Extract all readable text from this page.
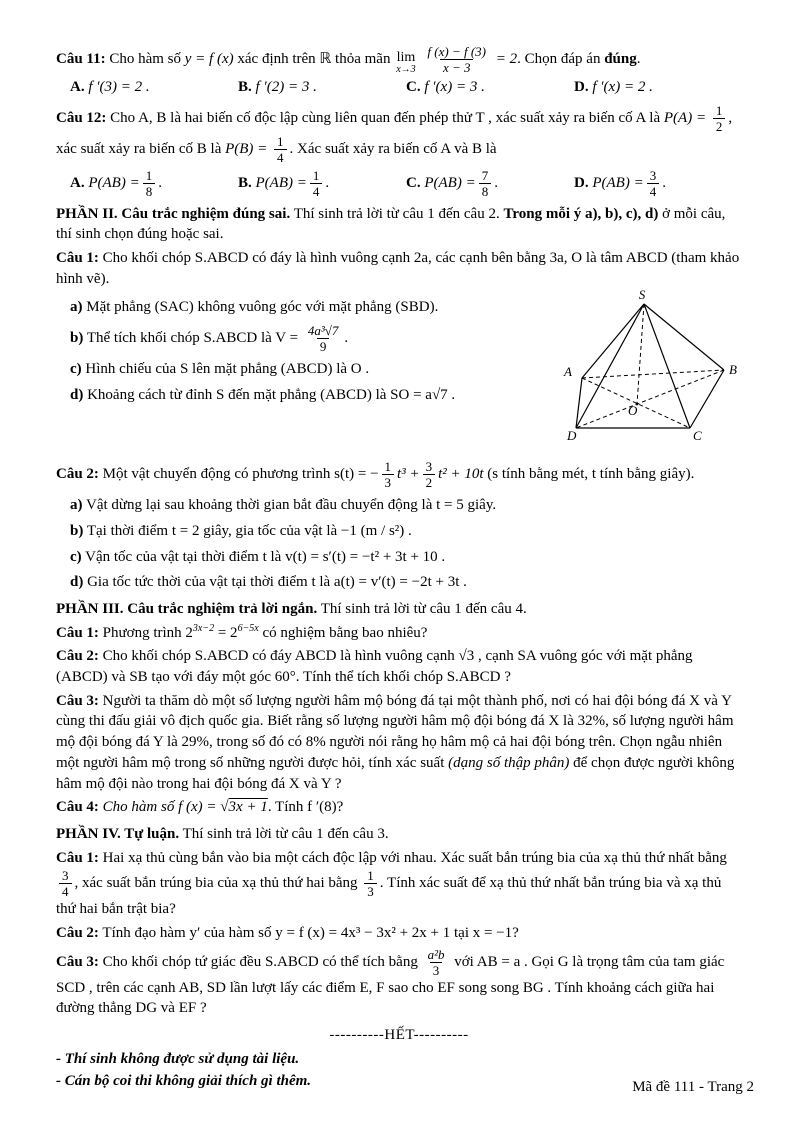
Câu 11: Cho hàm số y = f (x) xác định trên ℝ thỏa mãn lim
x→3
$\frac{f (x) - f (3)}{x - 3} = 2$. Chọn đáp án đúng.
A. f ′(3) = 2 .	B. f ′(2) = 3 .	C. f ′(x) = 3 .	D. f ′(x) = 2 .
Câu 12: Cho A, B là hai biến cố độc lập cùng liên quan đến phép thử T , xác suất xảy ra biến cố A là $P(A) = \frac{1}{2}$ , xác suất xảy ra biến cố B là $P(B) = \frac{1}{4}$ . Xác suất xảy ra biến cố A và B là
A. $P(AB) = \frac{1}{8}$ .	B. $P(AB) = \frac{1}{4}$ .	C. $P(AB) = \frac{7}{8}$ .	D. $P(AB) = \frac{3}{4}$ .
PHẦN II. Câu trắc nghiệm đúng sai. Thí sinh trả lời từ câu 1 đến câu 2. Trong mỗi ý a), b), c), d) ở mỗi câu, thí sinh chọn đúng hoặc sai.
Câu 1: Cho khối chóp S.ABCD có đáy là hình vuông cạnh 2a, các cạnh bên bằng 3a, O là tâm ABCD (tham khảo hình vẽ).
a) Mặt phẳng (SAC) không vuông góc với mặt phẳng (SBD).
b) Thể tích khối chóp S.ABCD là $V = \frac{\text{4a³√7}}{9}$ .
c) Hình chiếu của S lên mặt phẳng (ABCD) là O .
d) Khoảng cách từ đỉnh S đến mặt phẳng (ABCD) là SO = a√7 .
S
A	B
C
D
O
Câu 2: Một vật chuyển động có phương trình s(t) = − $\frac{1}{3} t^3 + \frac{3}{2} t^2 + 10t$ (s tính bằng mét, t tính bằng giây).
a) Vật dừng lại sau khoảng thời gian bắt đầu chuyển động là t = 5 giây.
b) Tại thời điểm t = 2 giây, gia tốc của vật là −1 (m / s²) .
c) Vận tốc của vật tại thời điểm t là v(t) = s′(t) = −t² + 3t + 10 .
d) Gia tốc tức thời của vật tại thời điểm t là a(t) = v′(t) = −2t + 3t .
PHẦN III. Câu trắc nghiệm trả lời ngắn. Thí sinh trả lời từ câu 1 đến câu 4.
Câu 1: Phương trình $2^{3x-2} = 2^{6-5x}$ có nghiệm bằng bao nhiêu?
Câu 2: Cho khối chóp S.ABCD có đáy ABCD là hình vuông cạnh √3 , cạnh SA vuông góc với mặt phẳng (ABCD) và SB tạo với đáy một góc 60°. Tính thể tích khối chóp S.ABCD ?
Câu 3: Người ta thăm dò một số lượng người hâm mộ bóng đá tại một thành phố, nơi có hai đội bóng đá X và Y cùng thi đấu giải vô địch quốc gia. Biết rằng số lượng người hâm mộ đội bóng đá X là 32%, số lượng người hâm mộ đội bóng đá Y là 29%, trong số đó có 8% người nói rằng họ hâm mộ cả hai đội bóng trên. Chọn ngẫu nhiên một người hâm mộ trong số những người được hỏi, tính xác suất (dạng số thập phân) để chọn được người không hâm mộ đội nào trong hai đội bóng đá X và Y ?
Câu 4: Cho hàm số f (x) = √3x + 1. Tính f ′(8)?
PHẦN IV. Tự luận. Thí sinh trả lời từ câu 1 đến câu 3.
Câu 1: Hai xạ thủ cùng bắn vào bia một cách độc lập với nhau. Xác suất bắn trúng bia của xạ thủ thứ nhất bằng
$\frac{3}{4}$ , xác suất bắn trúng bia của xạ thủ thứ hai bằng $\frac{1}{3}$ . Tính xác suất để xạ thủ thứ nhất bắn trúng bia và xạ thủ thứ hai bắn trật bia?
Câu 2: Tính đạo hàm y′ của hàm số y = f (x) = 4x³ − 3x² + 2x + 1 tại x = −1?
Câu 3: Cho khối chóp tứ giác đều S.ABCD có thể tích bằng $\frac{\text{a²b}}{3}$ với AB = a . Gọi G là trọng tâm của tam giác SCD , trên các cạnh AB, SD lần lượt lấy các điểm E, F sao cho EF song song BG . Tính khoảng cách giữa hai đường thẳng DG và EF ?
----------HẾT----------
- Thí sinh không được sử dụng tài liệu.
- Cán bộ coi thi không giải thích gì thêm.	Mã đề 111 - Trang 2
